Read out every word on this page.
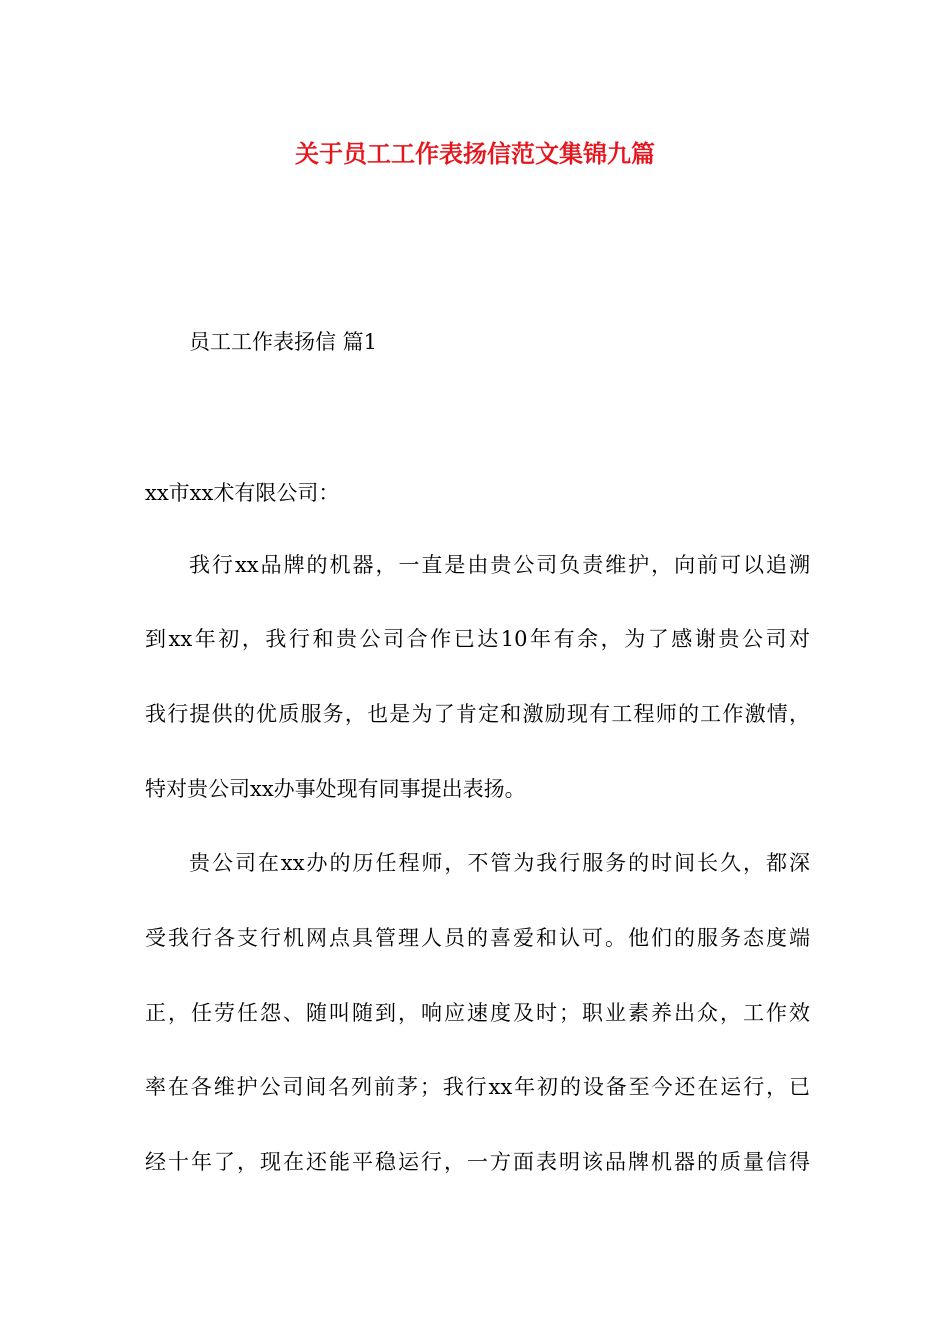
关于员工工作表扬信范文集锦九篇
员工工作表扬信 篇1
xx市xx术有限公司：
我行xx品牌的机器，一直是由贵公司负责维护，向前可以追溯
到xx年初，我行和贵公司合作已达10年有余，为了感谢贵公司对
我行提供的优质服务，也是为了肯定和激励现有工程师的工作激情，
特对贵公司xx办事处现有同事提出表扬。
贵公司在xx办的历任程师，不管为我行服务的时间长久，都深
受我行各支行机网点具管理人员的喜爱和认可。他们的服务态度端
正，任劳任怨、随叫随到，响应速度及时；职业素养出众，工作效
率在各维护公司间名列前茅；我行xx年初的设备至今还在运行，已
经十年了，现在还能平稳运行，一方面表明该品牌机器的质量信得
